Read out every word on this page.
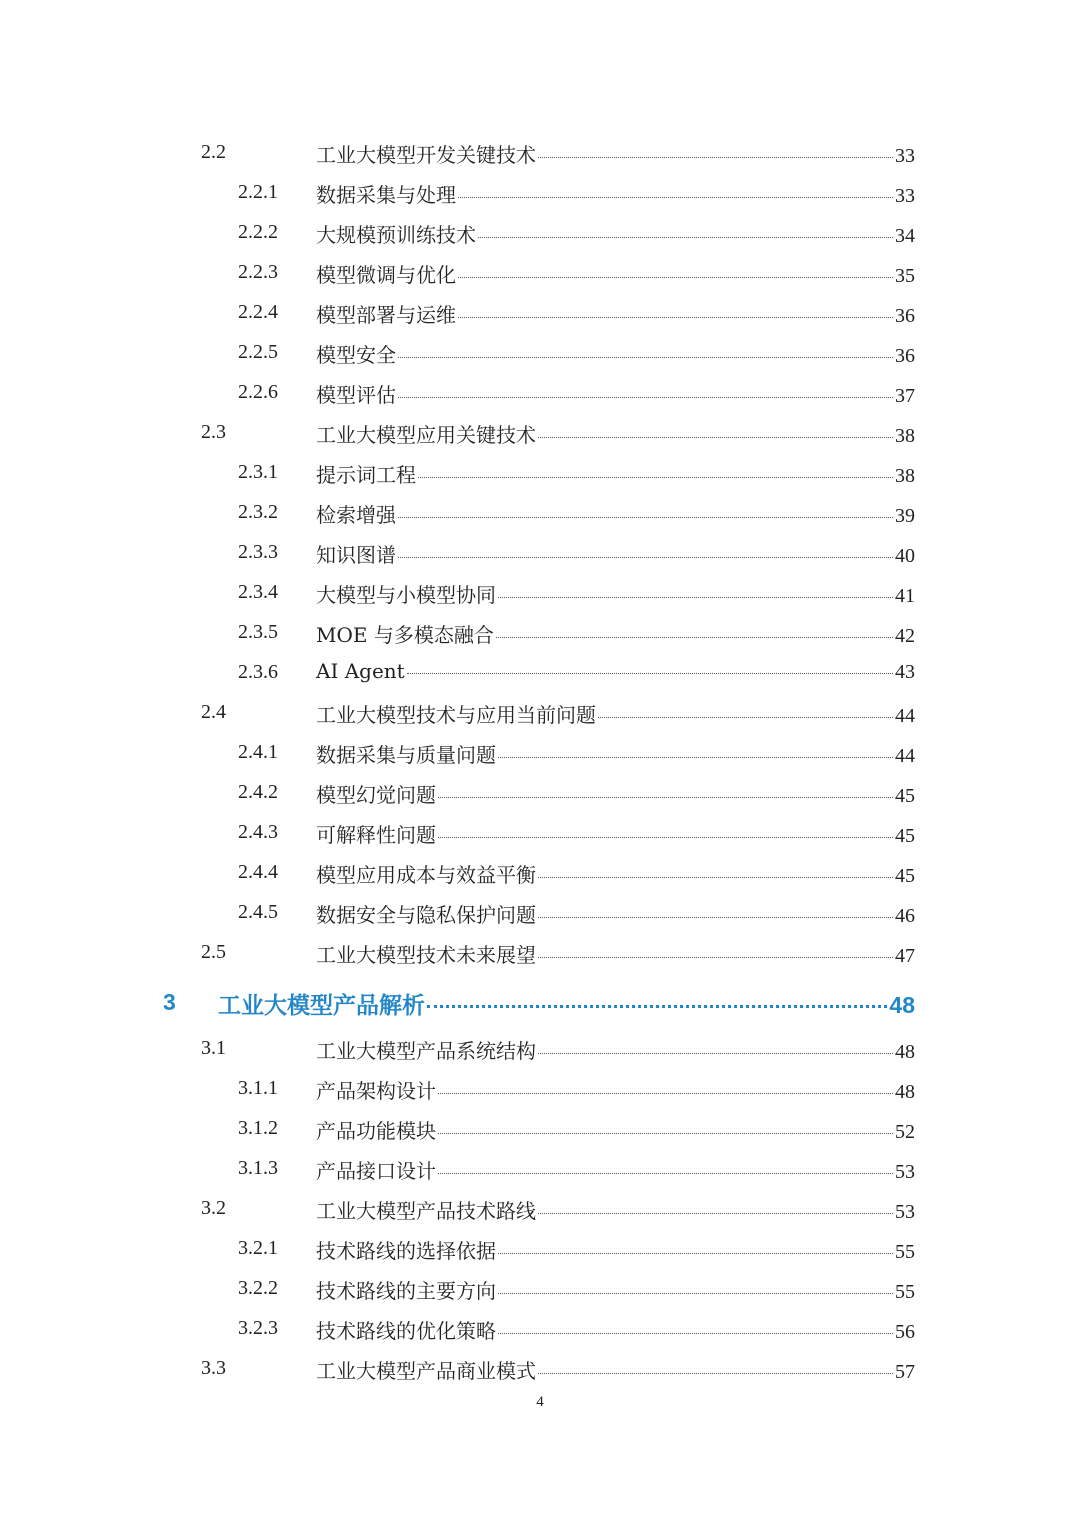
2.2	工业大模型开发关键技术	33
2.2.1 数据采集与处理	33
2.2.2 大规模预训练技术	34
2.2.3 模型微调与优化	35
2.2.4 模型部署与运维	36
2.2.5 模型安全	36
2.2.6 模型评估	37
2.3	工业大模型应用关键技术	38
2.3.1 提示词工程	38
2.3.2 检索增强	39
2.3.3 知识图谱	40
2.3.4 大模型与小模型协同	41
2.3.5 MOE 与多模态融合	42
2.3.6 AI Agent	43
2.4	工业大模型技术与应用当前问题	44
2.4.1 数据采集与质量问题	44
2.4.2 模型幻觉问题	45
2.4.3 可解释性问题	45
2.4.4 模型应用成本与效益平衡	45
2.4.5 数据安全与隐私保护问题	46
2.5	工业大模型技术未来展望	47
3 工业大模型产品解析	48
3.1	工业大模型产品系统结构	48
3.1.1 产品架构设计	48
3.1.2 产品功能模块	52
3.1.3 产品接口设计	53
3.2	工业大模型产品技术路线	53
3.2.1 技术路线的选择依据	55
3.2.2 技术路线的主要方向	55
3.2.3 技术路线的优化策略	56
3.3	工业大模型产品商业模式	57
4
